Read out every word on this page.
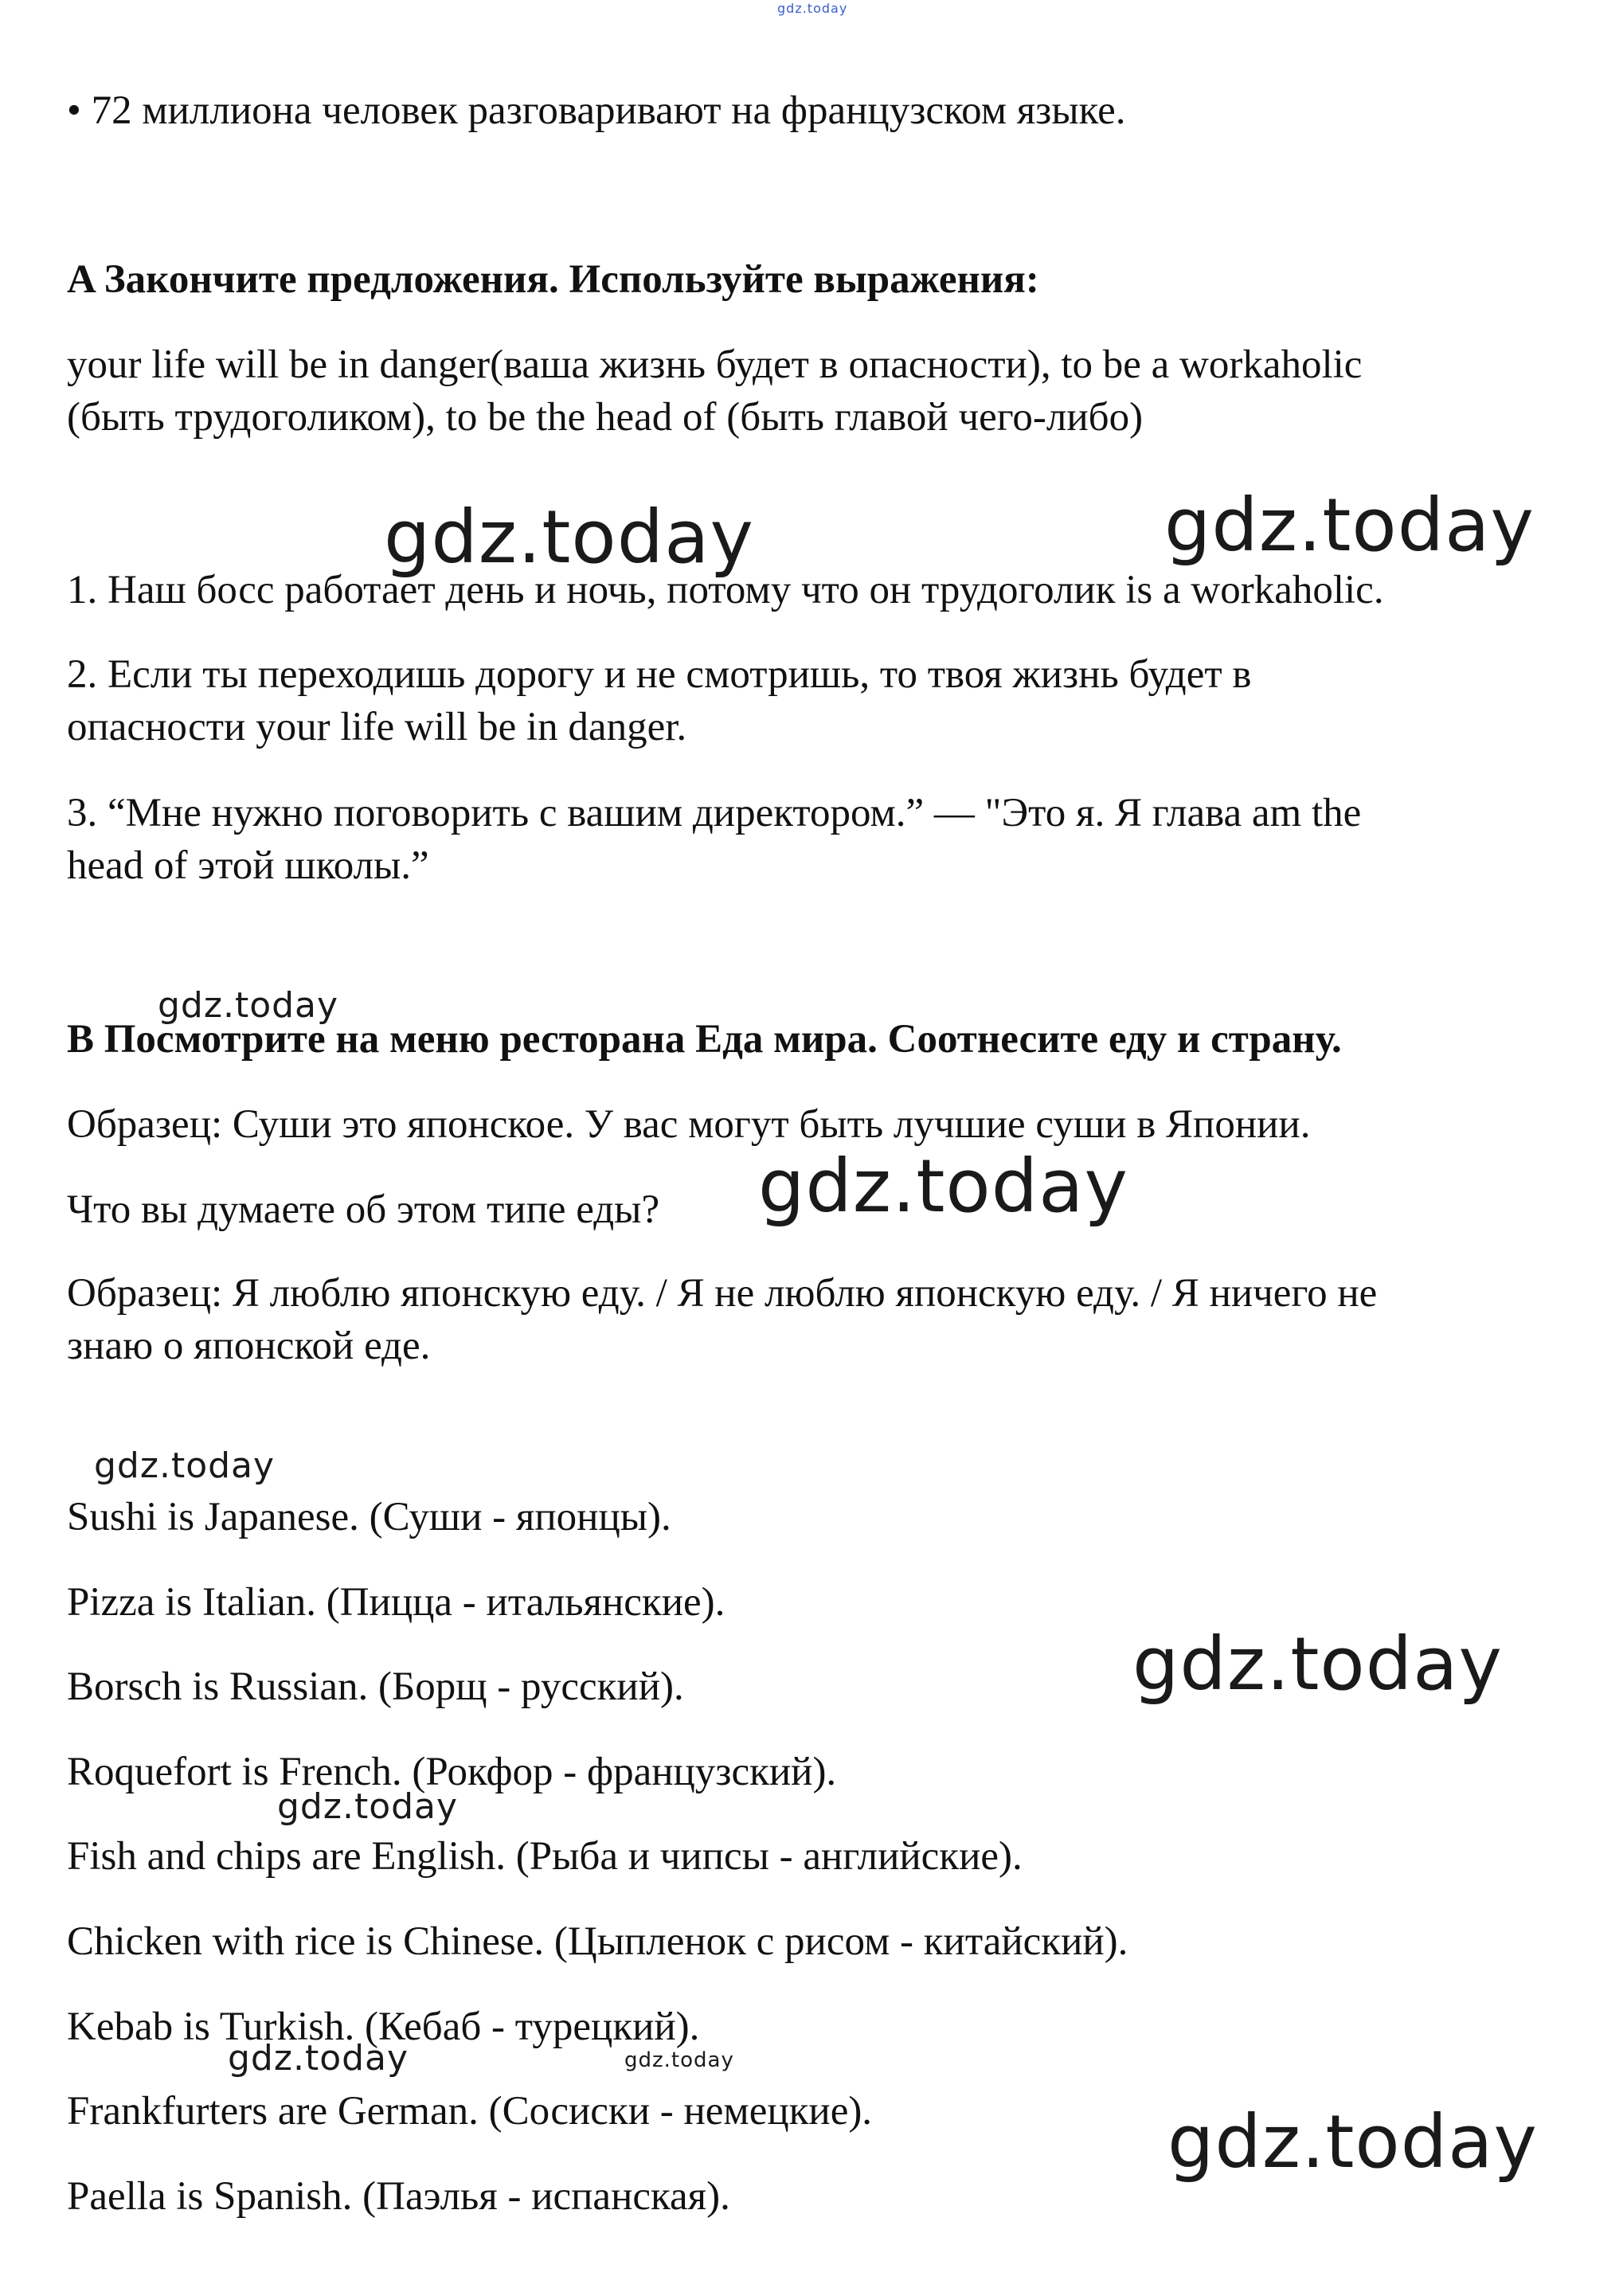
• 72 миллиона человек разговаривают на французском языке.

A Закончите предложения. Используйте выражения:

your life will be in danger(ваша жизнь будет в опасности), to be a workaholic

(быть трудоголиком), to be the head of (быть главой чего-либо)

1. Наш босс работает день и ночь, потому что он трудоголик is a workaholic.

2. Если ты переходишь дорогу и не смотришь, то твоя жизнь будет в

опасности your life will be in danger.

3. “Мне нужно поговорить с вашим директором.” — "Это я. Я глава am the

head of этой школы.”

B Посмотрите на меню ресторана Еда мира. Соотнесите еду и страну.

Образец: Суши это японское. У вас могут быть лучшие суши в Японии.

Что вы думаете об этом типе еды?

Образец: Я люблю японскую еду. / Я не люблю японскую еду. / Я ничего не

знаю о японской еде.

Sushi is Japanese. (Суши - японцы).

Pizza is Italian. (Пицца - итальянские).

Borsch is Russian. (Борщ - русский).

Roquefort is French. (Рокфор - французский).

Fish and chips are English. (Рыба и чипсы - английские).

Chicken with rice is Chinese. (Цыпленок с рисом - китайский).

Kebab is Turkish. (Кебаб - турецкий).

Frankfurters are German. (Сосиски - немецкие).

Paella is Spanish. (Паэлья - испанская).

gdz.today
gdz.today	gdz.today
gdz.today
gdz.today
gdz.today
gdz.today
gdz.today
gdz.today	gdz.today
gdz.today
